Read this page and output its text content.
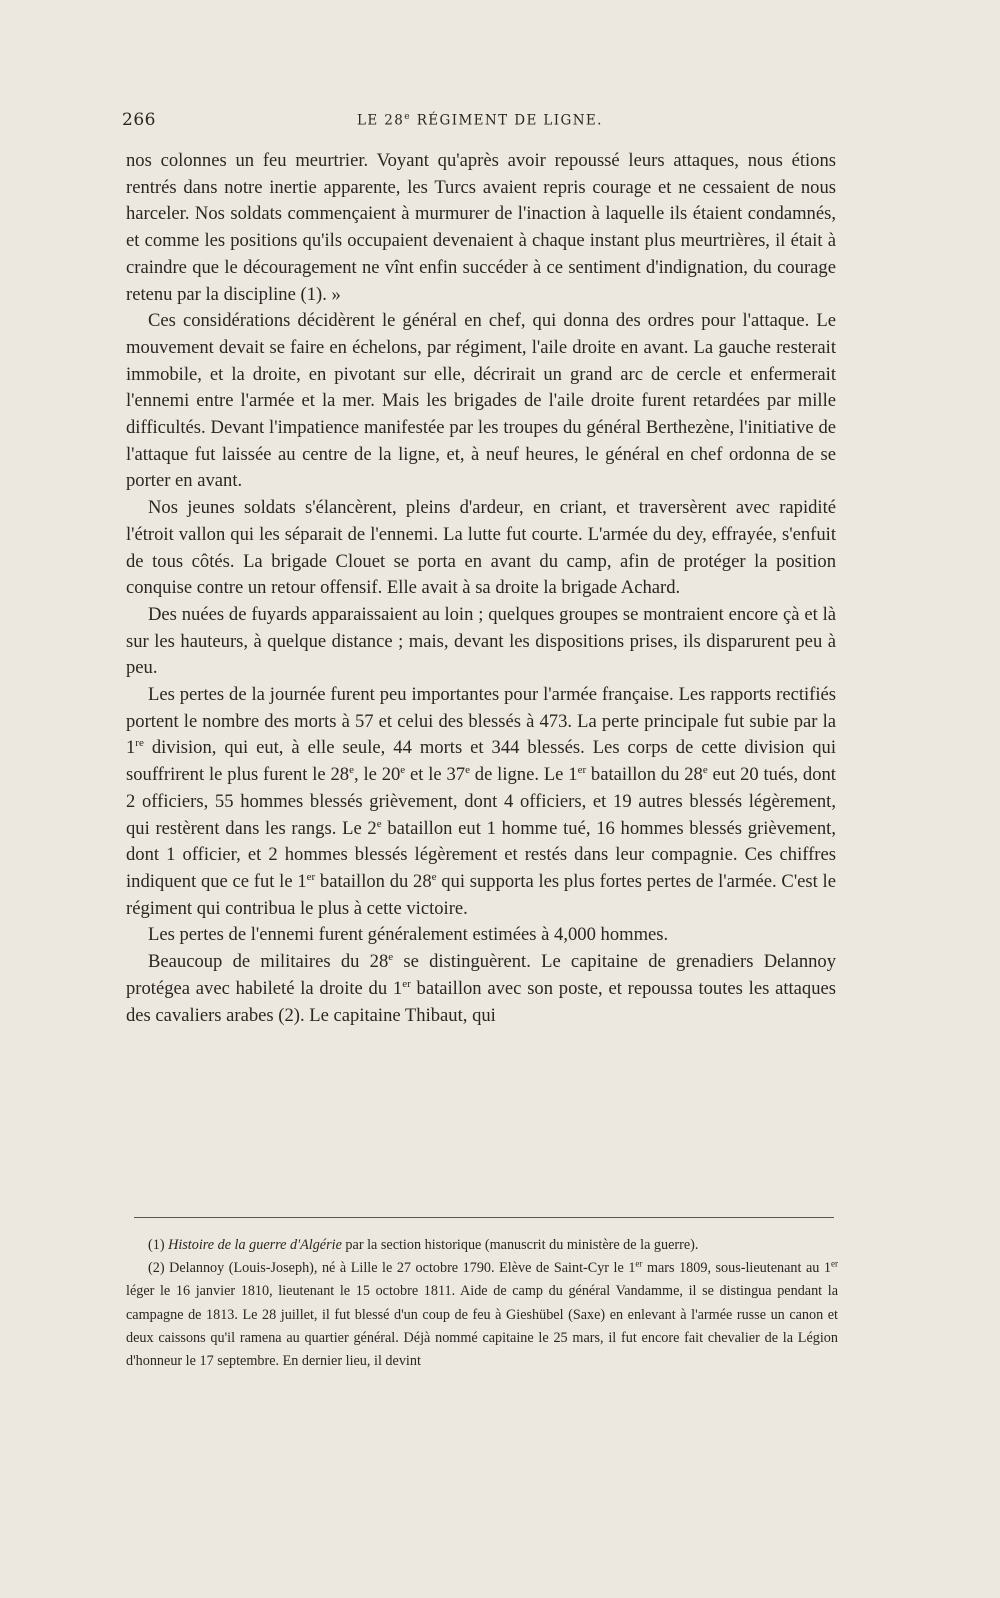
266	LE 28e RÉGIMENT DE LIGNE.

nos colonnes un feu meurtrier. Voyant qu'après avoir repoussé leurs attaques, nous étions rentrés dans notre inertie apparente, les Turcs avaient repris courage et ne cessaient de nous harceler. Nos soldats commençaient à murmurer de l'inaction à laquelle ils étaient condamnés, et comme les positions qu'ils occupaient devenaient à chaque instant plus meurtrières, il était à craindre que le découragement ne vînt enfin succéder à ce sentiment d'indignation, du courage retenu par la discipline (1). »

Ces considérations décidèrent le général en chef, qui donna des ordres pour l'attaque. Le mouvement devait se faire en échelons, par régiment, l'aile droite en avant. La gauche resterait immobile, et la droite, en pivotant sur elle, décrirait un grand arc de cercle et enfermerait l'ennemi entre l'armée et la mer. Mais les brigades de l'aile droite furent retardées par mille difficultés. Devant l'impatience manifestée par les troupes du général Berthezène, l'initiative de l'attaque fut laissée au centre de la ligne, et, à neuf heures, le général en chef ordonna de se porter en avant.

Nos jeunes soldats s'élancèrent, pleins d'ardeur, en criant, et traversèrent avec rapidité l'étroit vallon qui les séparait de l'ennemi. La lutte fut courte. L'armée du dey, effrayée, s'enfuit de tous côtés. La brigade Clouet se porta en avant du camp, afin de protéger la position conquise contre un retour offensif. Elle avait à sa droite la brigade Achard.

Des nuées de fuyards apparaissaient au loin ; quelques groupes se montraient encore çà et là sur les hauteurs, à quelque distance ; mais, devant les dispositions prises, ils disparurent peu à peu.

Les pertes de la journée furent peu importantes pour l'armée française. Les rapports rectifiés portent le nombre des morts à 57 et celui des blessés à 473. La perte principale fut subie par la 1re division, qui eut, à elle seule, 44 morts et 344 blessés. Les corps de cette division qui souffrirent le plus furent le 28e, le 20e et le 37e de ligne. Le 1er bataillon du 28e eut 20 tués, dont 2 officiers, 55 hommes blessés grièvement, dont 4 officiers, et 19 autres blessés légèrement, qui restèrent dans les rangs. Le 2e bataillon eut 1 homme tué, 16 hommes blessés grièvement, dont 1 officier, et 2 hommes blessés légèrement et restés dans leur compagnie. Ces chiffres indiquent que ce fut le 1er bataillon du 28e qui supporta les plus fortes pertes de l'armée. C'est le régiment qui contribua le plus à cette victoire.

Les pertes de l'ennemi furent généralement estimées à 4,000 hommes.

Beaucoup de militaires du 28e se distinguèrent. Le capitaine de grenadiers Delannoy protégea avec habileté la droite du 1er bataillon avec son poste, et repoussa toutes les attaques des cavaliers arabes (2). Le capitaine Thibaut, qui

(1) Histoire de la guerre d'Algérie par la section historique (manuscrit du ministère de la guerre).

(2) Delannoy (Louis-Joseph), né à Lille le 27 octobre 1790. Elève de Saint-Cyr le 1er mars 1809, sous-lieutenant au 1er léger le 16 janvier 1810, lieutenant le 15 octobre 1811. Aide de camp du général Vandamme, il se distingua pendant la campagne de 1813. Le 28 juillet, il fut blessé d'un coup de feu à Gieshübel (Saxe) en enlevant à l'armée russe un canon et deux caissons qu'il ramena au quartier général. Déjà nommé capitaine le 25 mars, il fut encore fait chevalier de la Légion d'honneur le 17 septembre. En dernier lieu, il devint
